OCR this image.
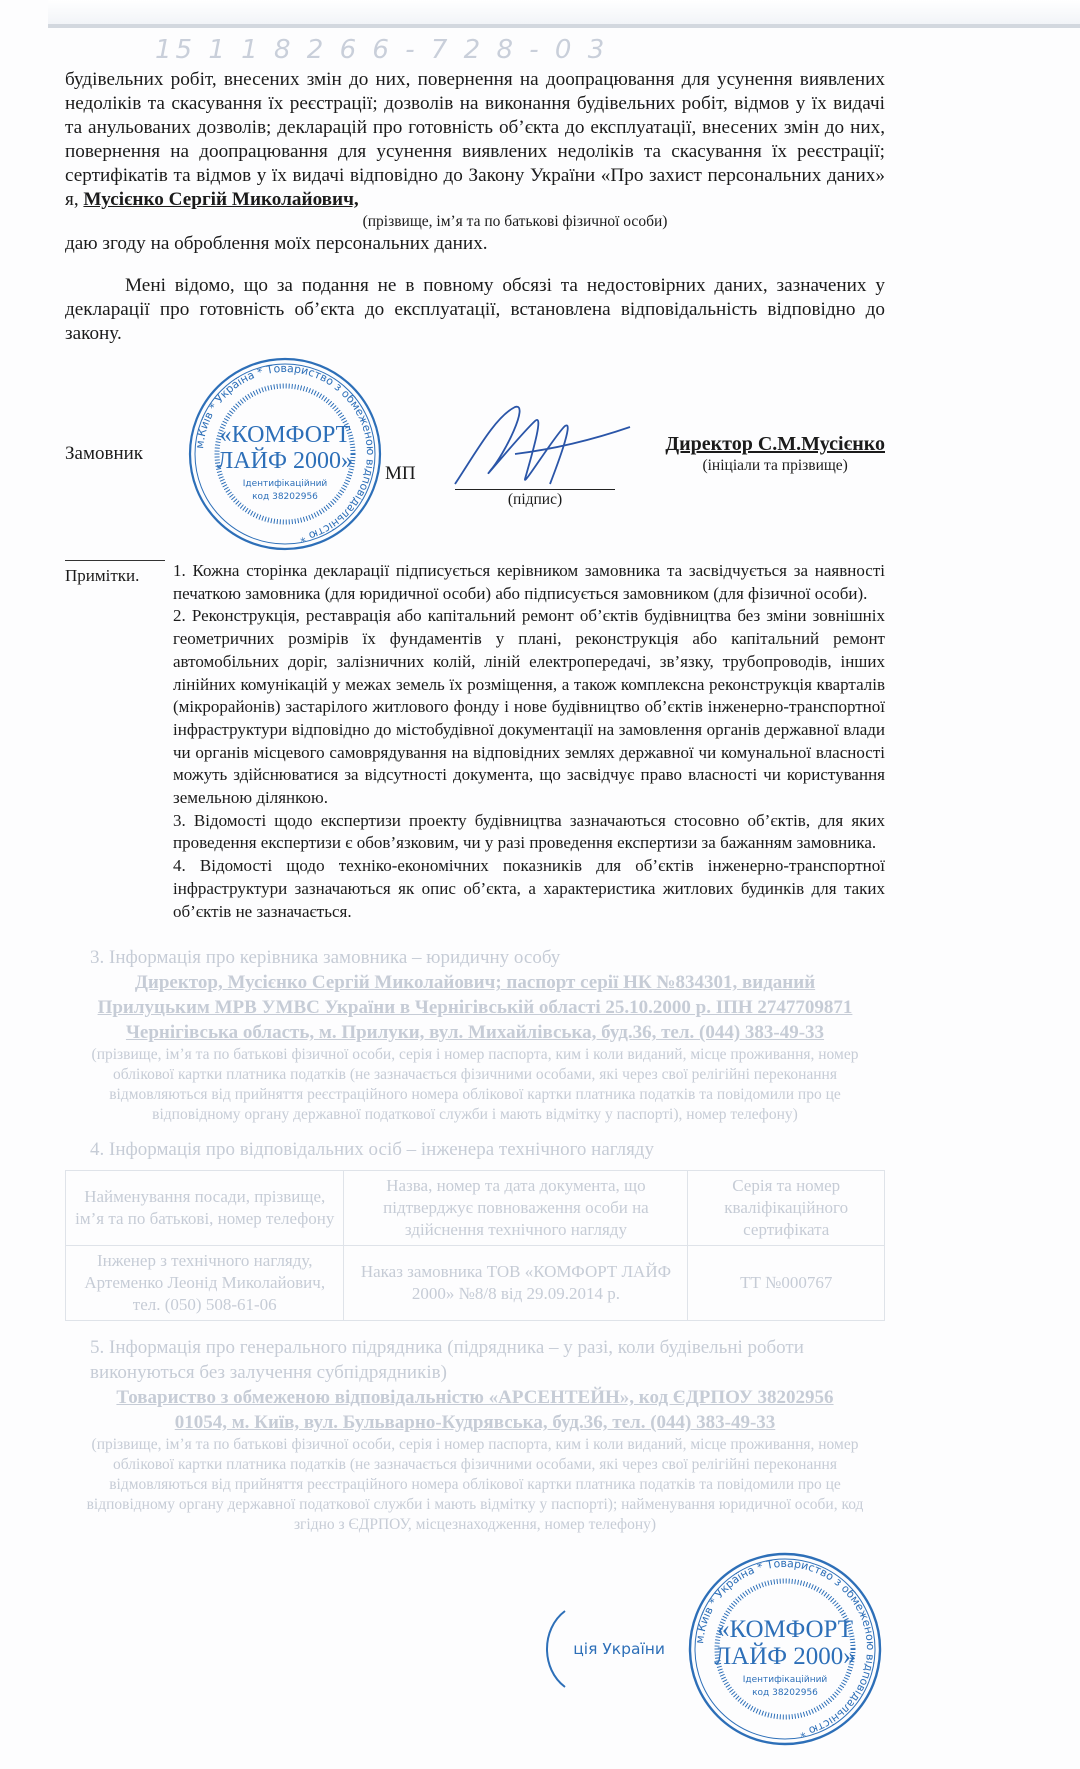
15 1 1 8 2 6 6 - 7 2 8 - 0 3

будівельних робіт, внесених змін до них, повернення на доопрацювання для усунення виявлених недоліків та скасування їх реєстрації; дозволів на виконання будівельних робіт, відмов у їх видачі та анульованих дозволів; декларацій про готовність об’єкта до експлуатації, внесених змін до них, повернення на доопрацювання для усунення виявлених недоліків та скасування їх реєстрації; сертифікатів та відмов у їх видачі відповідно до Закону України «Про захист персональних даних» я, Мусієнко Сергій Миколайович,

(прізвище, ім’я та по батькові фізичної особи)

даю згоду на оброблення моїх персональних даних.

Мені відомо, що за подання не в повному обсязі та недостовірних даних, зазначених у декларації про готовність об’єкта до експлуатації, встановлена відповідальність відповідно до закону.

Замовник	м.Київ * Україна * Товариство з обмеженою відповідальністю *
«КОМФОРТ
ЛАЙФ 2000»
Ідентифікаційний
код 38202956
МП
(підпис)
Директор С.М.Мусієнко
(ініціали та прізвище)
Примітки.	1. Кожна сторінка декларації підписується керівником замовника та засвідчується за наявності печаткою замовника (для юридичної особи) або підписується замовником (для фізичної особи).
2. Реконструкція, реставрація або капітальний ремонт об’єктів будівництва без зміни зовнішніх геометричних розмірів їх фундаментів у плані, реконструкція або капітальний ремонт автомобільних доріг, залізничних колій, ліній електропередачі, зв’язку, трубопроводів, інших лінійних комунікацій у межах земель їх розміщення, а також комплексна реконструкція кварталів (мікрорайонів) застарілого житлового фонду і нове будівництво об’єктів інженерно-транспортної інфраструктури відповідно до містобудівної документації на замовлення органів державної влади чи органів місцевого самоврядування на відповідних землях державної чи комунальної власності можуть здійснюватися за відсутності документа, що засвідчує право власності чи користування земельною ділянкою.
3. Відомості щодо експертизи проекту будівництва зазначаються стосовно об’єктів, для яких проведення експертизи є обов’язковим, чи у разі проведення експертизи за бажанням замовника.
4. Відомості щодо техніко-економічних показників для об’єктів інженерно-транспортної інфраструктури зазначаються як опис об’єкта, а характеристика житлових будинків для таких об’єктів не зазначається.
3. Інформація про керівника замовника – юридичну особу
Директор, Мусієнко Сергій Миколайович; паспорт серії НК №834301, виданий
Прилуцьким МРВ УМВС України в Чернігівській області 25.10.2000 р. ІПН 2747709871
Чернігівська область, м. Прилуки, вул. Михайлівська, буд.36, тел. (044) 383-49-33
(прізвище, ім’я та по батькові фізичної особи, серія і номер паспорта, ким і коли виданий, місце проживання, номер облікової картки платника податків (не зазначається фізичними особами, які через свої релігійні переконання відмовляються від прийняття реєстраційного номера облікової картки платника податків та повідомили про це відповідному органу державної податкової служби і мають відмітку у паспорті), номер телефону)
4. Інформація про відповідальних осіб – інженера технічного нагляду
Найменування посади, прізвище, ім’я та по батькові, номер телефону	Назва, номер та дата документа, що підтверджує повноваження особи на здійснення технічного нагляду	Серія та номер кваліфікаційного сертифіката
Інженер з технічного нагляду, Артеменко Леонід Миколайович, тел. (050) 508-61-06	Наказ замовника ТОВ «КОМФОРТ ЛАЙФ 2000» №8/8 від 29.09.2014 р.	ТТ №000767
5. Інформація про генерального підрядника (підрядника – у разі, коли будівельні роботи виконуються без залучення субпідрядників)
Товариство з обмеженою відповідальністю «АРСЕНТЕЙН», код ЄДРПОУ 38202956
01054, м. Київ, вул. Бульварно-Кудрявська, буд.36, тел. (044) 383-49-33
(прізвище, ім’я та по батькові фізичної особи, серія і номер паспорта, ким і коли виданий, місце проживання, номер облікової картки платника податків (не зазначається фізичними особами, які через свої релігійні переконання відмовляються від прийняття реєстраційного номера облікової картки платника податків та повідомили про це відповідному органу державної податкової служби і мають відмітку у паспорті); найменування юридичної особи, код згідно з ЄДРПОУ, місцезнаходження, номер телефону)
ція України
м.Київ * Україна * Товариство з обмеженою відповідальністю *
«КОМФОРТ
ЛАЙФ 2000»
Ідентифікаційний
код 38202956
